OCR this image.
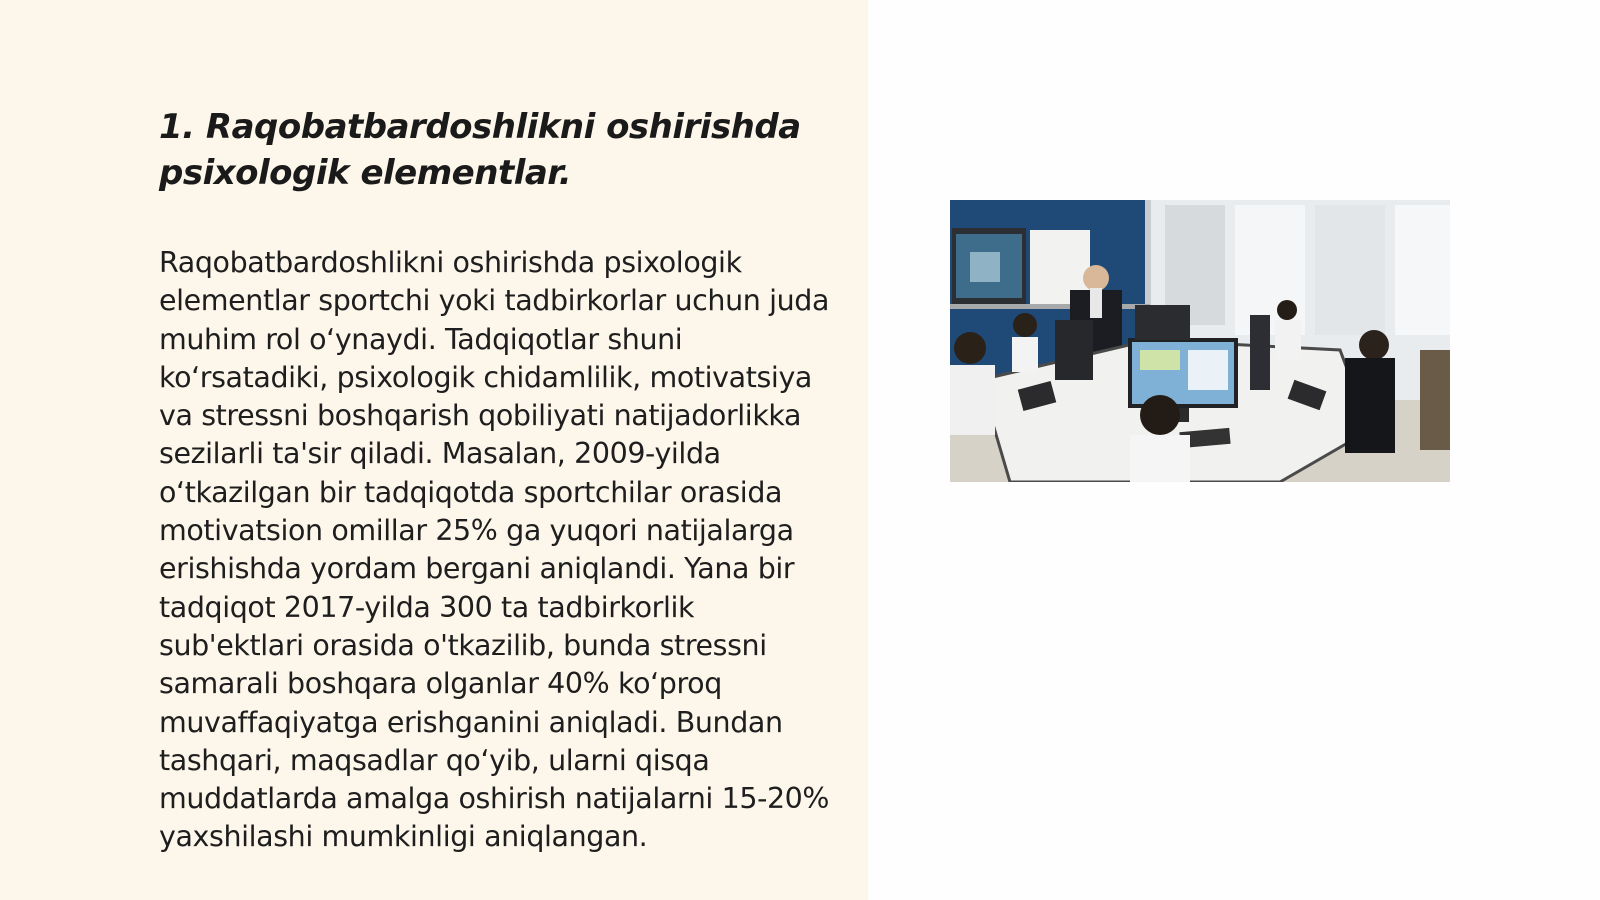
1. Raqobatbardoshlikni oshirishda psixologik elementlar.

Raqobatbardoshlikni oshirishda psixologik elementlar sportchi yoki tadbirkorlar uchun juda muhim rol oʻynaydi. Tadqiqotlar shuni koʻrsatadiki, psixologik chidamlilik, motivatsiya va stressni boshqarish qobiliyati natijadorlikka sezilarli ta'sir qiladi. Masalan, 2009-yilda oʻtkazilgan bir tadqiqotda sportchilar orasida motivatsion omillar 25% ga yuqori natijalarga erishishda yordam bergani aniqlandi. Yana bir tadqiqot 2017-yilda 300 ta tadbirkorlik sub'ektlari orasida o'tkazilib, bunda stressni samarali boshqara olganlar 40% koʻproq muvaffaqiyatga erishganini aniqladi. Bundan tashqari, maqsadlar qoʻyib, ularni qisqa muddatlarda amalga oshirish natijalarni 15-20% yaxshilashi mumkinligi aniqlangan.
